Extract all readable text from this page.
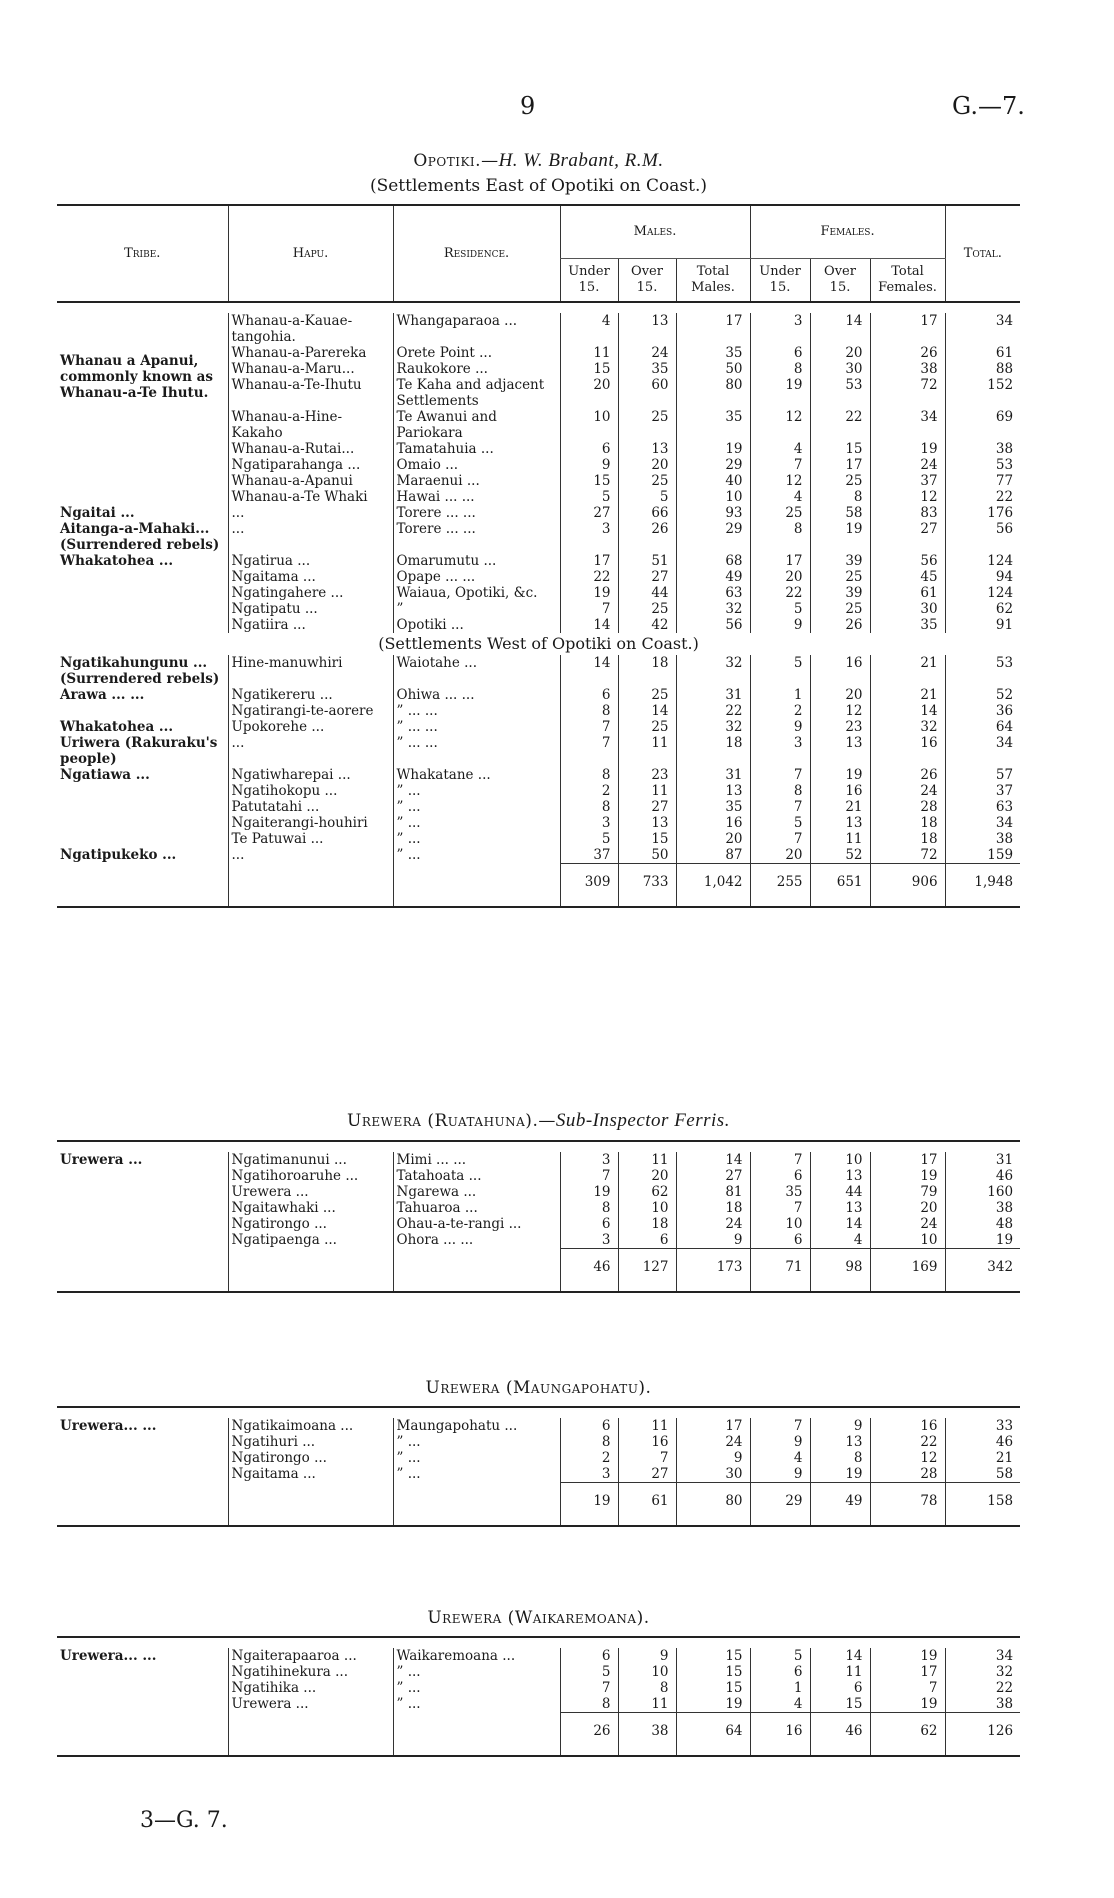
9	G.—7.
Opotiki.—H. W. Brabant, R.M.
(Settlements East of Opotiki on Coast.)
Tribe.	Hapu.	Residence.	Males.			Females.			Total.
			Under 15.	Over 15.	Total Males.	Under 15.	Over 15.	Total Females.	

Whanau a Apanui, commonly known as Whanau-a-Te Ihutu.	Whanau-a-Kauae-tangohia.	Whangaparaoa ...	4	13	17	3	14	17	34
	Whanau-a-Parereka	Orete Point ...	11	24	35	6	20	26	61
	Whanau-a-Maru...	Raukokore ...	15	35	50	8	30	38	88
	Whanau-a-Te-Ihutu	Te Kaha and adjacent Settlements	20	60	80	19	53	72	152
	Whanau-a-Hine-Kakaho	Te Awanui and Pariokara	10	25	35	12	22	34	69
	Whanau-a-Rutai...	Tamatahuia ...	6	13	19	4	15	19	38
	Ngatiparahanga ...	Omaio ...	9	20	29	7	17	24	53
	Whanau-a-Apanui	Maraenui ...	15	25	40	12	25	37	77
	Whanau-a-Te Whaki	Hawai ... ...	5	5	10	4	8	12	22
Ngaitai ...	...	Torere ... ...	27	66	93	25	58	83	176
Aitanga-a-Mahaki... (Surrendered rebels)	...	Torere ... ...	3	26	29	8	19	27	56
Whakatohea ...	Ngatirua ...	Omarumutu ...	17	51	68	17	39	56	124
	Ngaitama ...	Opape ... ...	22	27	49	20	25	45	94
	Ngatingahere ...	Waiaua, Opotiki, &c.	19	44	63	22	39	61	124
	Ngatipatu ...	”	7	25	32	5	25	30	62
	Ngatiira ...	Opotiki ...	14	42	56	9	26	35	91
(Settlements West of Opotiki on Coast.)									
Ngatikahungunu ... (Surrendered rebels)	Hine-manuwhiri	Waiotahe ...	14	18	32	5	16	21	53
Arawa ... ...	Ngatikereru ...	Ohiwa ... ...	6	25	31	1	20	21	52
	Ngatirangi-te-aorere	” ... ...	8	14	22	2	12	14	36
Whakatohea ...	Upokorehe ...	” ... ...	7	25	32	9	23	32	64
Uriwera (Rakuraku's people)	...	” ... ...	7	11	18	3	13	16	34
Ngatiawa ...	Ngatiwharepai ...	Whakatane ...	8	23	31	7	19	26	57
	Ngatihokopu ...	” ...	2	11	13	8	16	24	37
	Patutatahi ...	” ...	8	27	35	7	21	28	63
	Ngaiterangi-houhiri	” ...	3	13	16	5	13	18	34
	Te Patuwai ...	” ...	5	15	20	7	11	18	38
Ngatipukeko ...	...	” ...	37	50	87	20	52	72	159
			309	733	1,042	255	651	906	1,948
Urewera (Ruatahuna).—Sub-Inspector Ferris.

Urewera ...	Ngatimanunui ...	Mimi ... ...	3	11	14	7	10	17	31
	Ngatihoroaruhe ...	Tatahoata ...	7	20	27	6	13	19	46
	Urewera ...	Ngarewa ...	19	62	81	35	44	79	160
	Ngaitawhaki ...	Tahuaroa ...	8	10	18	7	13	20	38
	Ngatirongo ...	Ohau-a-te-rangi ...	6	18	24	10	14	24	48
	Ngatipaenga ...	Ohora ... ...	3	6	9	6	4	10	19
			46	127	173	71	98	169	342
Urewera (Maungapohatu).

Urewera... ...	Ngatikaimoana ...	Maungapohatu ...	6	11	17	7	9	16	33
	Ngatihuri ...	” ...	8	16	24	9	13	22	46
	Ngatirongo ...	” ...	2	7	9	4	8	12	21
	Ngaitama ...	” ...	3	27	30	9	19	28	58
			19	61	80	29	49	78	158
Urewera (Waikaremoana).

Urewera... ...	Ngaiterapaaroa ...	Waikaremoana ...	6	9	15	5	14	19	34
	Ngatihinekura ...	” ...	5	10	15	6	11	17	32
	Ngatihika ...	” ...	7	8	15	1	6	7	22
	Urewera ...	” ...	8	11	19	4	15	19	38
			26	38	64	16	46	62	126
3—G. 7.
